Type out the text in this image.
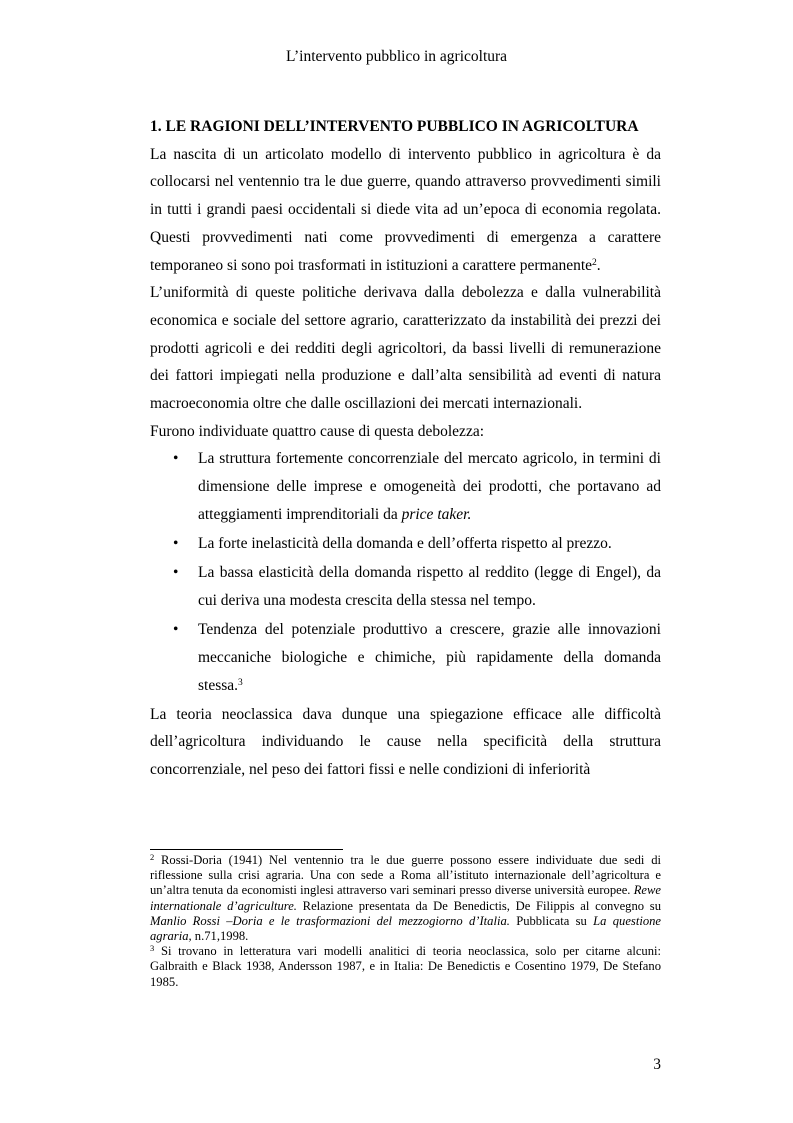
L’intervento pubblico in agricoltura

1. LE RAGIONI DELL’INTERVENTO PUBBLICO IN AGRICOLTURA

La nascita di un articolato modello di intervento pubblico in agricoltura è da collocarsi nel ventennio tra le due guerre, quando attraverso provvedimenti simili in tutti i grandi paesi occidentali si diede vita ad un’epoca di economia regolata. Questi provvedimenti nati come provvedimenti di emergenza a carattere temporaneo si sono poi trasformati in istituzioni a carattere permanente$^2$.

L’uniformità di queste politiche derivava dalla debolezza e dalla vulnerabilità economica e sociale del settore agrario, caratterizzato da instabilità dei prezzi dei prodotti agricoli e dei redditi degli agricoltori, da bassi livelli di remunerazione dei fattori impiegati nella produzione e dall’alta sensibilità ad eventi di natura macroeconomia oltre che dalle oscillazioni dei mercati internazionali.

Furono individuate quattro cause di questa debolezza:

• La struttura fortemente concorrenziale del mercato agricolo, in termini di dimensione delle imprese e omogeneità dei prodotti, che portavano ad atteggiamenti imprenditoriali da price taker.
• La forte inelasticità della domanda e dell’offerta rispetto al prezzo.
• La bassa elasticità della domanda rispetto al reddito (legge di Engel), da cui deriva una modesta crescita della stessa nel tempo.
• Tendenza del potenziale produttivo a crescere, grazie alle innovazioni meccaniche biologiche e chimiche, più rapidamente della domanda stessa.$^3$

La teoria neoclassica dava dunque una spiegazione efficace alle difficoltà dell’agricoltura individuando le cause nella specificità della struttura concorrenziale, nel peso dei fattori fissi e nelle condizioni di inferiorità

$^2$ Rossi-Doria (1941) Nel ventennio tra le due guerre possono essere individuate due sedi di riflessione sulla crisi agraria. Una con sede a Roma all’istituto internazionale dell’agricoltura e un’altra tenuta da economisti inglesi attraverso vari seminari presso diverse università europee. Rewe internationale d’agriculture. Relazione presentata da De Benedictis, De Filippis al convegno su Manlio Rossi –Doria e le trasformazioni del mezzogiorno d’Italia. Pubblicata su La questione agraria, n.71,1998.

$^3$ Si trovano in letteratura vari modelli analitici di teoria neoclassica, solo per citarne alcuni: Galbraith e Black 1938, Andersson 1987, e in Italia: De Benedictis e Cosentino 1979, De Stefano 1985.

3
